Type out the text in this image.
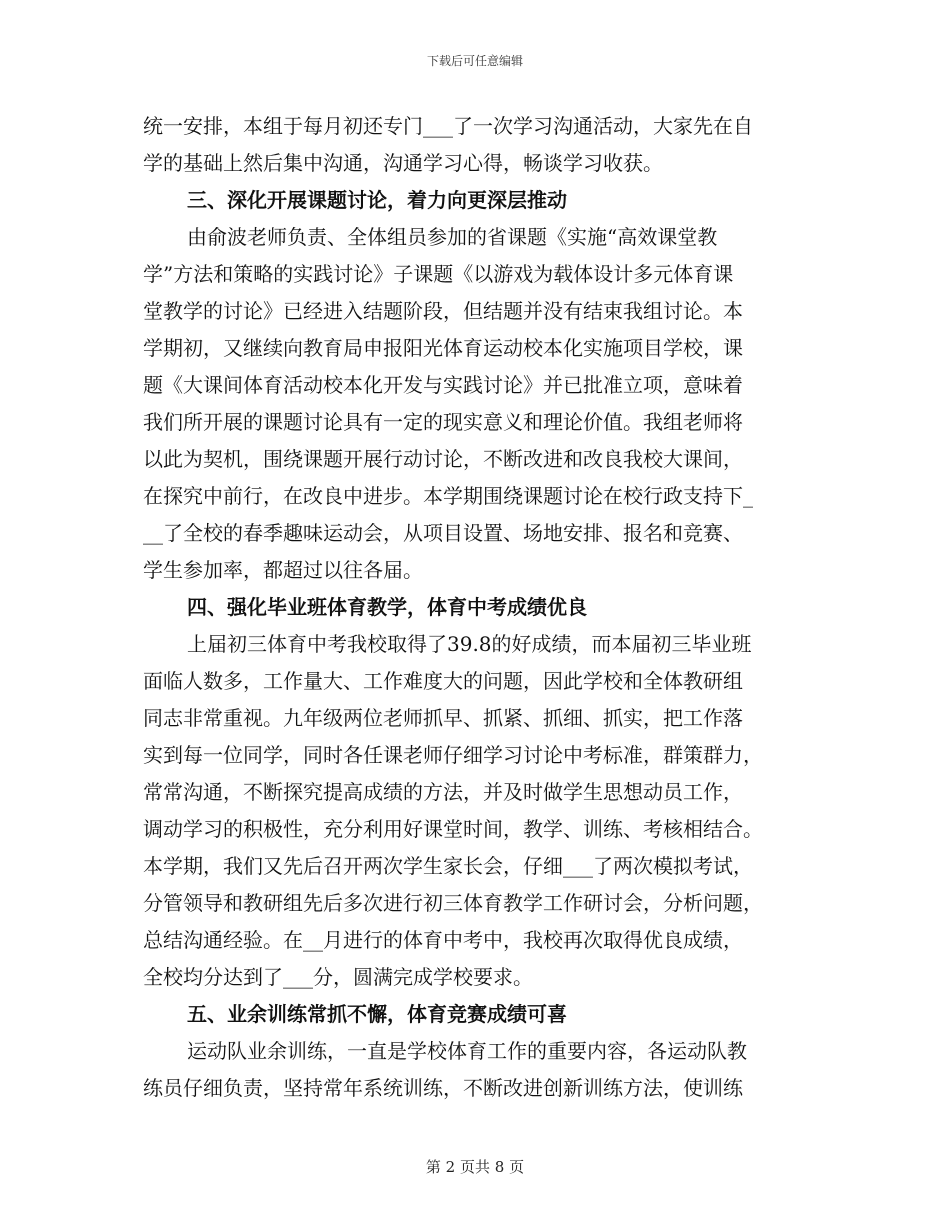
下载后可任意编辑
统一安排，本组于每月初还专门___了一次学习沟通活动，大家先在自
学的基础上然后集中沟通，沟通学习心得，畅谈学习收获。
三、深化开展课题讨论，着力向更深层推动
由俞波老师负责、全体组员参加的省课题《实施“高效课堂教
学”方法和策略的实践讨论》子课题《以游戏为载体设计多元体育课
堂教学的讨论》已经进入结题阶段，但结题并没有结束我组讨论。本
学期初，又继续向教育局申报阳光体育运动校本化实施项目学校，课
题《大课间体育活动校本化开发与实践讨论》并已批准立项，意味着
我们所开展的课题讨论具有一定的现实意义和理论价值。我组老师将
以此为契机，围绕课题开展行动讨论，不断改进和改良我校大课间，
在探究中前行，在改良中进步。本学期围绕课题讨论在校行政支持下_
__了全校的春季趣味运动会，从项目设置、场地安排、报名和竞赛、
学生参加率，都超过以往各届。
四、强化毕业班体育教学，体育中考成绩优良
上届初三体育中考我校取得了39.8的好成绩，而本届初三毕业班
面临人数多，工作量大、工作难度大的问题，因此学校和全体教研组
同志非常重视。九年级两位老师抓早、抓紧、抓细、抓实，把工作落
实到每一位同学，同时各任课老师仔细学习讨论中考标准，群策群力，
常常沟通，不断探究提高成绩的方法，并及时做学生思想动员工作，
调动学习的积极性，充分利用好课堂时间，教学、训练、考核相结合。
本学期，我们又先后召开两次学生家长会，仔细___了两次模拟考试，
分管领导和教研组先后多次进行初三体育教学工作研讨会，分析问题，
总结沟通经验。在__月进行的体育中考中，我校再次取得优良成绩，
全校均分达到了___分，圆满完成学校要求。
五、业余训练常抓不懈，体育竞赛成绩可喜
运动队业余训练，一直是学校体育工作的重要内容，各运动队教
练员仔细负责，坚持常年系统训练，不断改进创新训练方法，使训练
第 2 页共 8 页
